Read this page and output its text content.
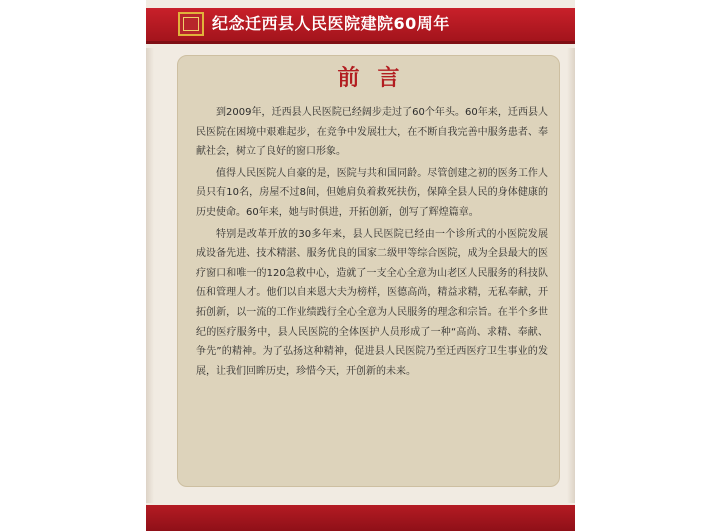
纪念迁西县人民医院建院60周年
前言

到2009年，迁西县人民医院已经阔步走过了60个年头。60年来，迁西县人民医院在困境中艰难起步，在竞争中发展壮大，在不断自我完善中服务患者、奉献社会，树立了良好的窗口形象。

值得人民医院人自豪的是，医院与共和国同龄。尽管创建之初的医务工作人员只有10名，房屋不过8间，但她肩负着救死扶伤，保障全县人民的身体健康的历史使命。60年来，她与时俱进，开拓创新，创写了辉煌篇章。

特别是改革开放的30多年来，县人民医院已经由一个诊所式的小医院发展成设备先进、技术精湛、服务优良的国家二级甲等综合医院，成为全县最大的医疗窗口和唯一的120急救中心，造就了一支全心全意为山老区人民服务的科技队伍和管理人才。他们以自来恩大夫为榜样，医德高尚，精益求精，无私奉献，开拓创新，以一流的工作业绩践行全心全意为人民服务的理念和宗旨。在半个多世纪的医疗服务中，县人民医院的全体医护人员形成了一种“高尚、求精、奉献、争先”的精神。为了弘扬这种精神，促进县人民医院乃至迁西医疗卫生事业的发展，让我们回眸历史，珍惜今天，开创新的未来。
